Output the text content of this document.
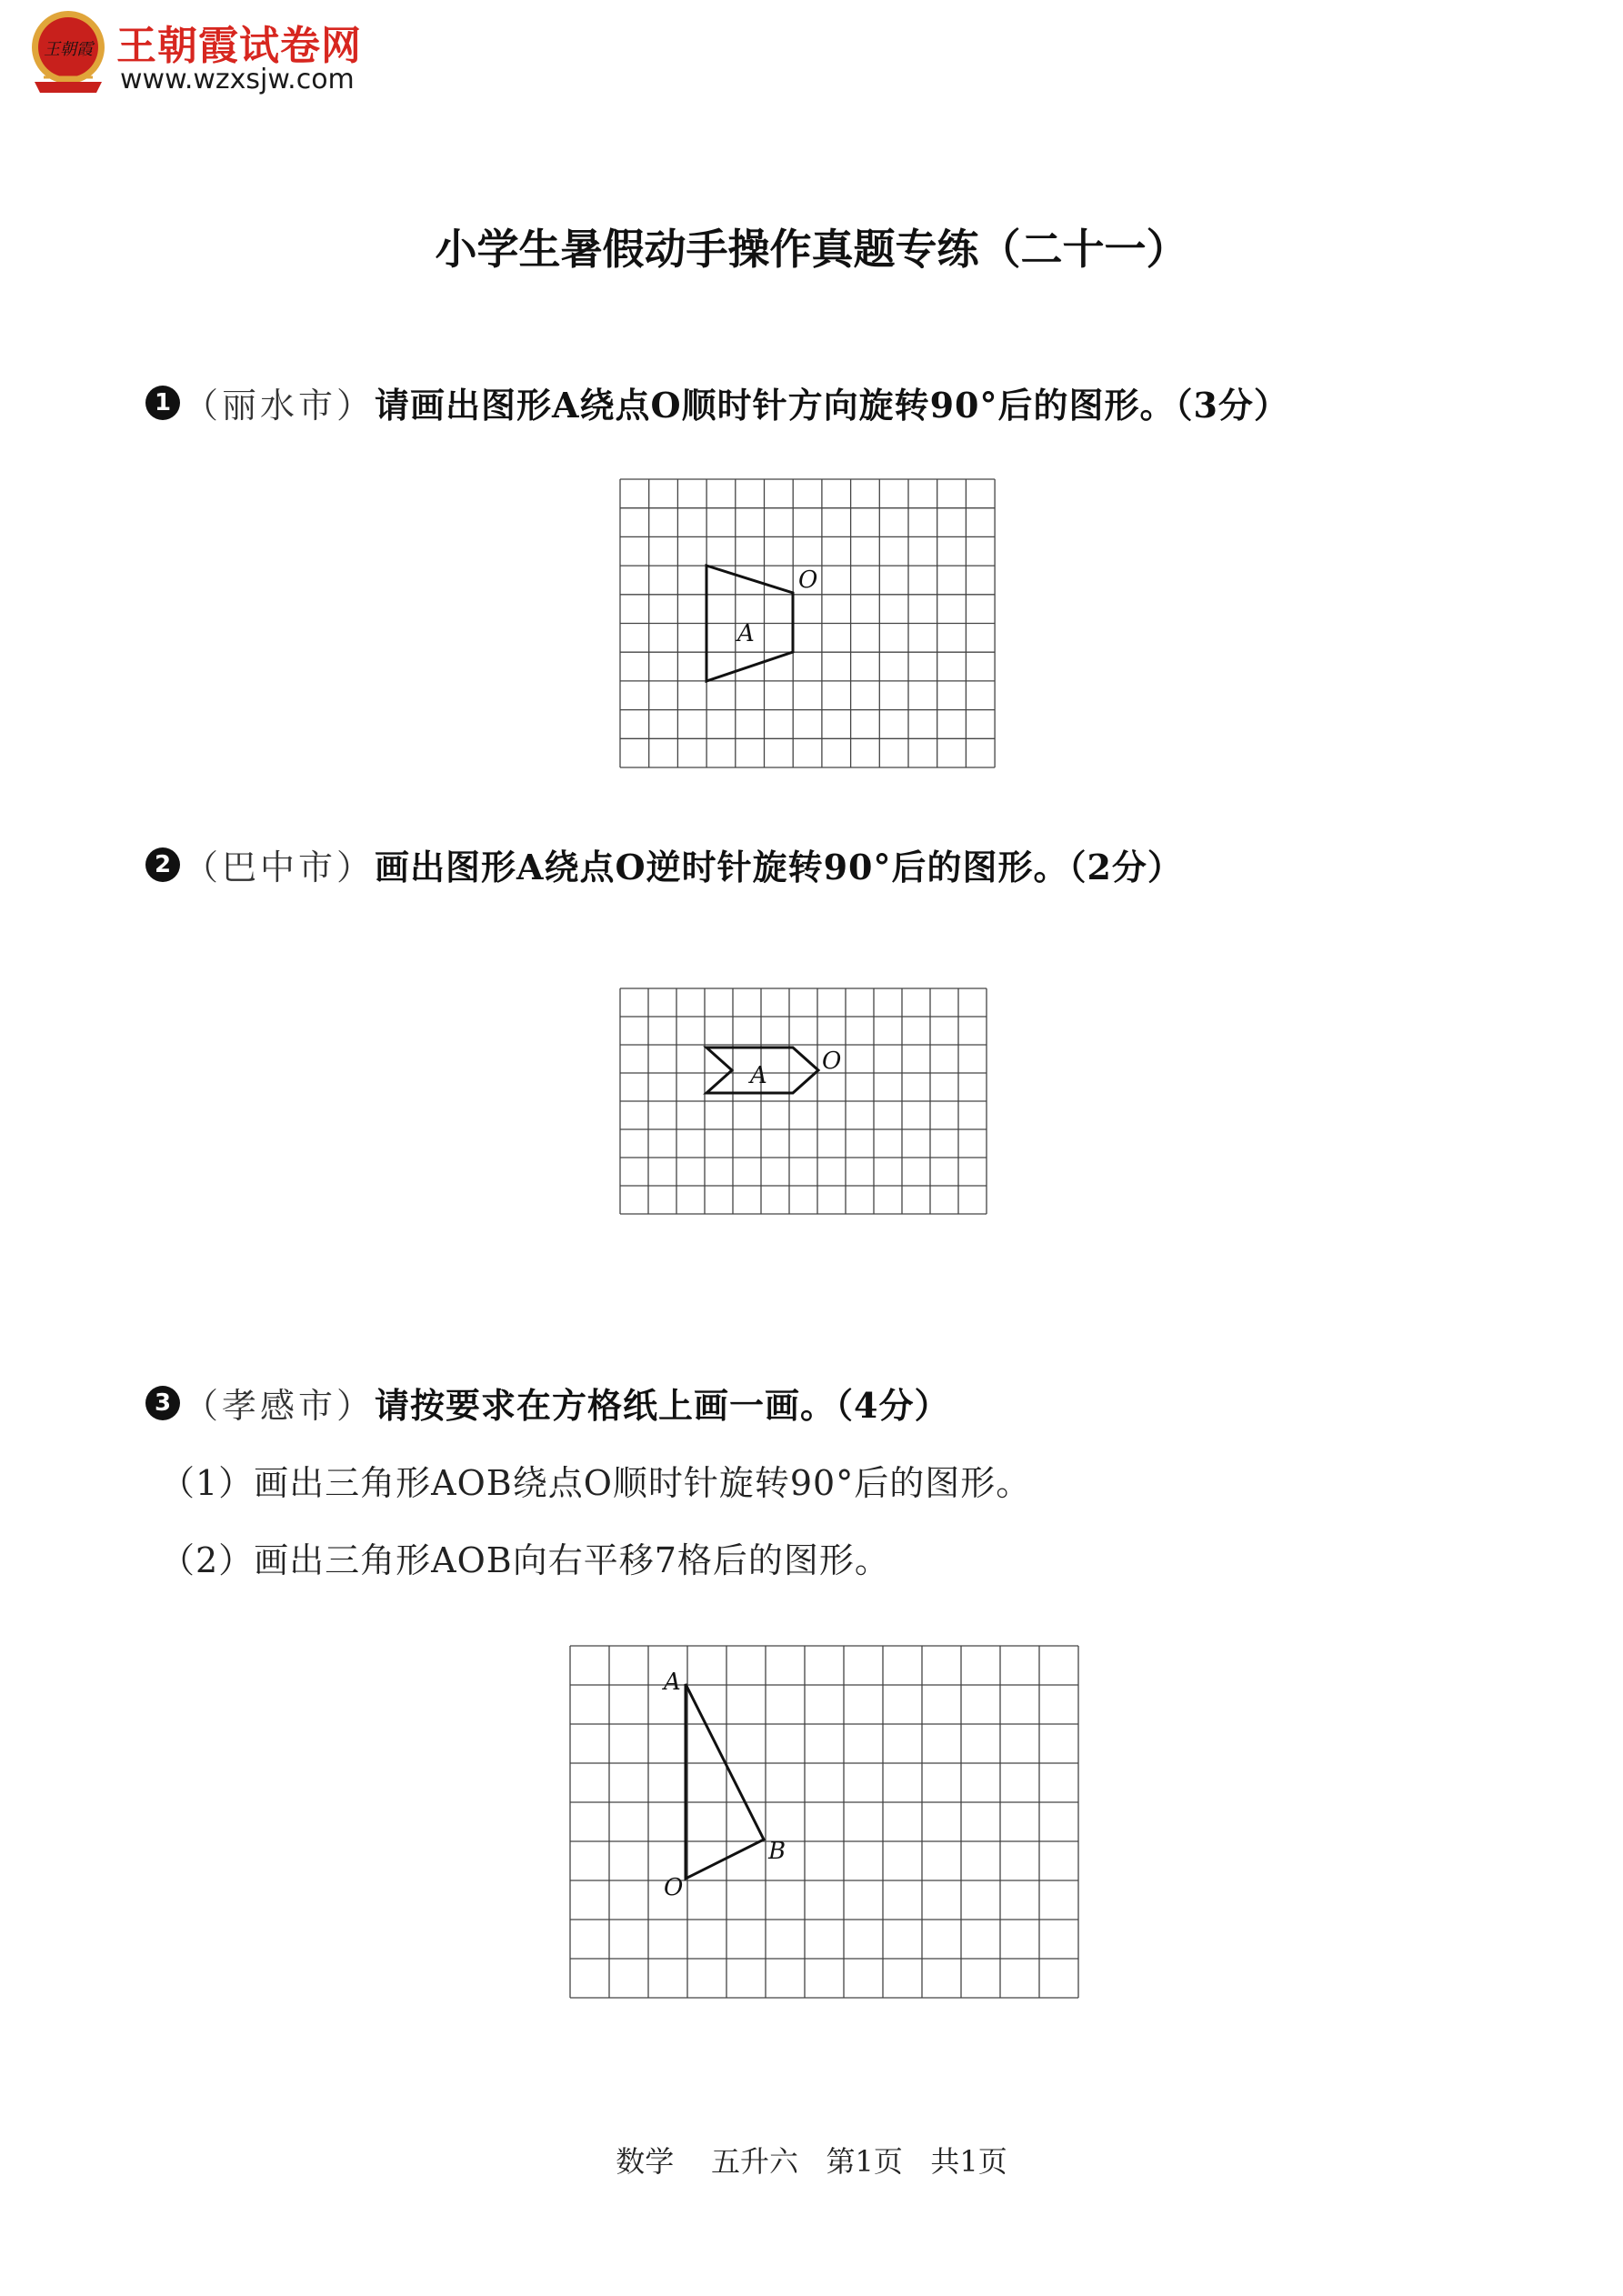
王朝霞 王朝霞试卷网
www.wzxsjw.com
小学生暑假动手操作真题专练（二十一）
1 （丽水市） 请画出图形A绕点O顺时针方向旋转90°后的图形。（3分）
A
O
2 （巴中市） 画出图形A绕点O逆时针旋转90°后的图形。（2分）
A
O
3 （孝感市） 请按要求在方格纸上画一画。（4分）
（1）画出三角形AOB绕点O顺时针旋转90°后的图形。
（2）画出三角形AOB向右平移7格后的图形。
A
B
O
数学 五升六 第1页 共1页
